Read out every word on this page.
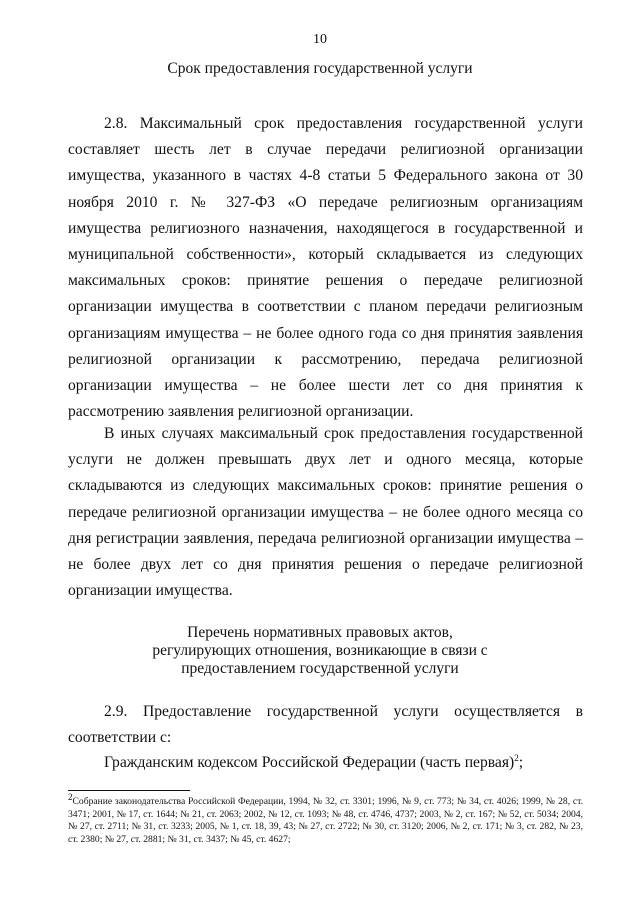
10
Срок предоставления государственной услуги

2.8. Максимальный срок предоставления государственной услуги составляет шесть лет в случае передачи религиозной организации имущества, указанного в частях 4-8 статьи 5 Федерального закона от 30 ноября 2010 г. № 327-ФЗ «О передаче религиозным организациям имущества религиозного назначения, находящегося в государственной и муниципальной собственности», который складывается из следующих максимальных сроков: принятие решения о передаче религиозной организации имущества в соответствии с планом передачи религиозным организациям имущества – не более одного года со дня принятия заявления религиозной организации к рассмотрению, передача религиозной организации имущества – не более шести лет со дня принятия к рассмотрению заявления религиозной организации.

В иных случаях максимальный срок предоставления государственной услуги не должен превышать двух лет и одного месяца, которые складываются из следующих максимальных сроков: принятие решения о передаче религиозной организации имущества – не более одного месяца со дня регистрации заявления, передача религиозной организации имущества – не более двух лет со дня принятия решения о передаче религиозной организации имущества.

Перечень нормативных правовых актов,
регулирующих отношения, возникающие в связи с
предоставлением государственной услуги

2.9. Предоставление государственной услуги осуществляется в соответствии с:

Гражданским кодексом Российской Федерации (часть первая)$^2$;

$^2$Собрание законодательства Российской Федерации, 1994, № 32, ст. 3301; 1996, № 9, ст. 773; № 34, ст. 4026; 1999, № 28, ст. 3471; 2001, № 17, ст. 1644; № 21, ст. 2063; 2002, № 12, ст. 1093; № 48, ст. 4746, 4737; 2003, № 2, ст. 167; № 52, ст. 5034; 2004, № 27, ст. 2711; № 31, ст. 3233; 2005, № 1, ст. 18, 39, 43; № 27, ст. 2722; № 30, ст. 3120; 2006, № 2, ст. 171; № 3, ст. 282, № 23, ст. 2380; № 27, ст. 2881; № 31, ст. 3437; № 45, ст. 4627;
